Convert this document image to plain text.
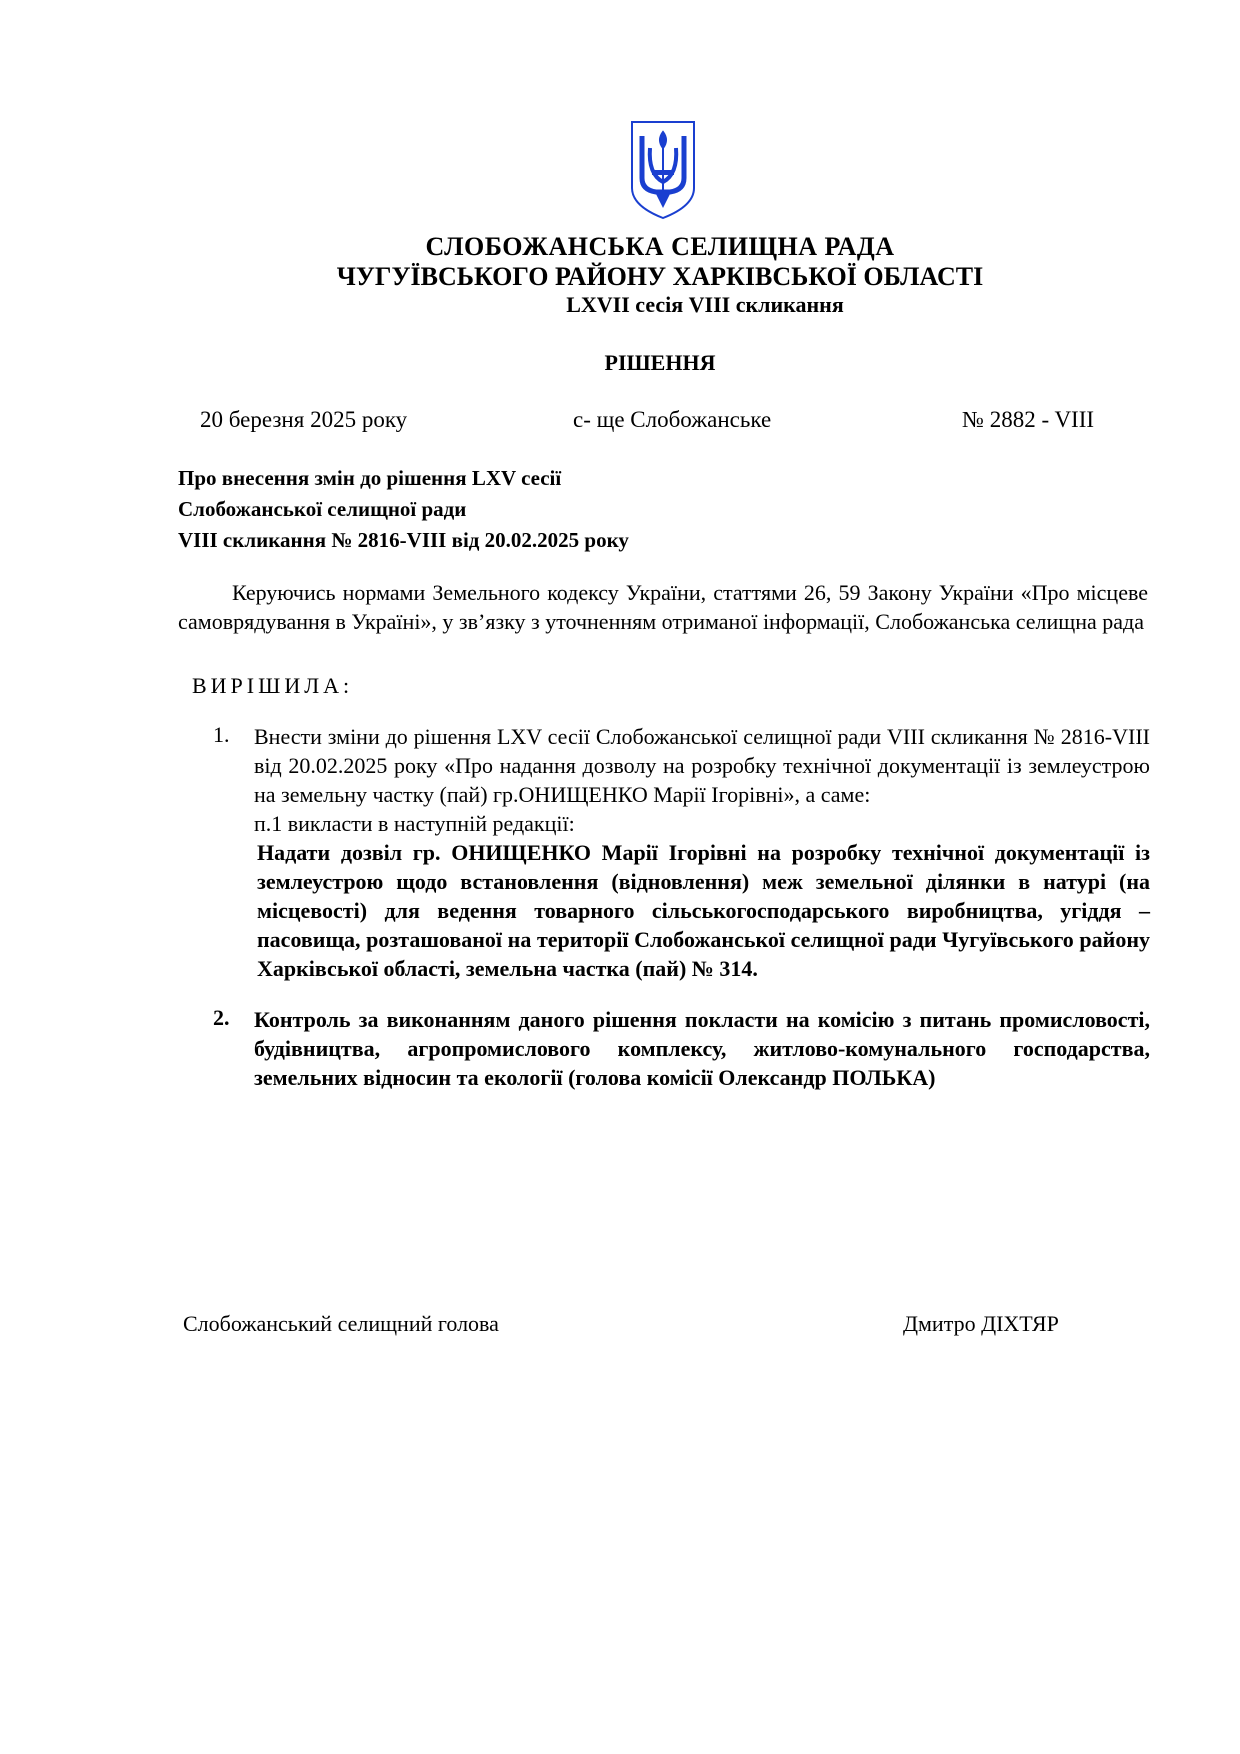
СЛОБОЖАНСЬКА СЕЛИЩНА РАДА
ЧУГУЇВСЬКОГО РАЙОНУ ХАРКІВСЬКОЇ ОБЛАСТІ
LXVІІ сесія VІІІ скликання
РІШЕННЯ
20 березня 2025 року	с- ще Слобожанське	№ 2882 - VІІІ
Про внесення змін до рішення LXV сесії
Слобожанської селищної ради
VIII скликання № 2816-VIII від 20.02.2025 року
Керуючись нормами Земельного кодексу України, статтями 26, 59 Закону України «Про місцеве самоврядування в Україні», у зв’язку з уточненням отриманої інформації, Слобожанська селищна рада
ВИРІШИЛА:
1. Внести зміни до рішення LXV сесії Слобожанської селищної ради VIII скликання № 2816-VIII від 20.02.2025 року «Про надання дозволу на розробку технічної документації із землеустрою на земельну частку (пай) гр.ОНИЩЕНКО Марії Ігорівні», а саме:
п.1 викласти в наступній редакції:
Надати дозвіл гр. ОНИЩЕНКО Марії Ігорівні на розробку технічної документації із землеустрою щодо встановлення (відновлення) меж земельної ділянки в натурі (на місцевості) для ведення товарного сільськогосподарського виробництва, угіддя – пасовища, розташованої на території Слобожанської селищної ради Чугуївського району Харківської області, земельна частка (пай) № 314.
2. Контроль за виконанням даного рішення покласти на комісію з питань промисловості, будівництва, агропромислового комплексу, житлово-комунального господарства, земельних відносин та екології (голова комісії Олександр ПОЛЬКА)
Слобожанський селищний голова	Дмитро ДІХТЯР
